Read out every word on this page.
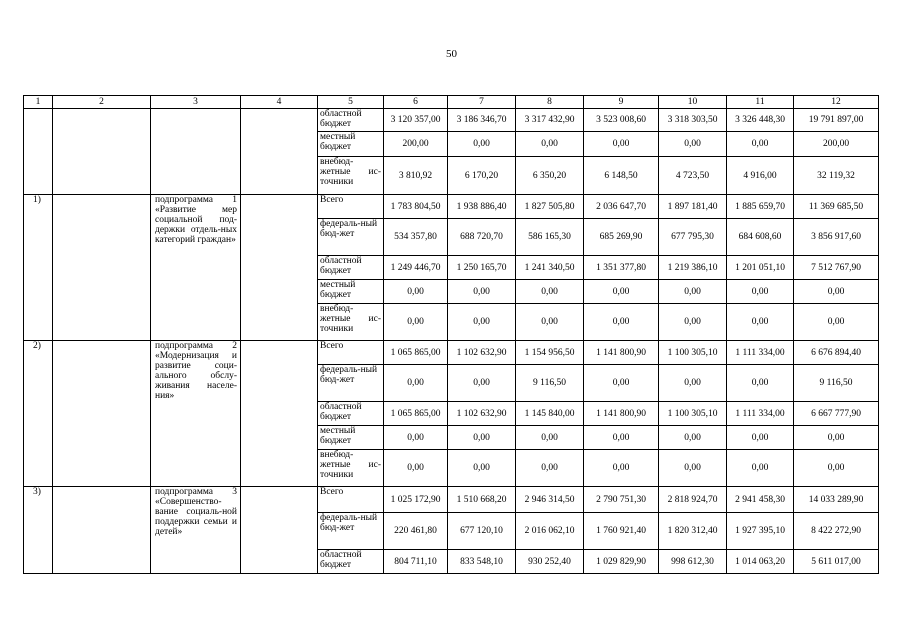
50
1	2	3	4	5	6	7	8	9	10	11	12

				областной бюджет	3 120 357,00	3 186 346,70	3 317 432,90	3 523 008,60	3 318 303,50	3 326 448,30	19 791 897,00

				местный бюджет	200,00	0,00	0,00	0,00	0,00	0,00	200,00

				внебюд-жетные ис-точники	3 810,92	6 170,20	6 350,20	6 148,50	4 723,50	4 916,00	32 119,32
1)		подпрограмма 1 «Развитие мер социальной под-держки отдель-ных категорий граждан»		Всего	1 783 804,50	1 938 886,40	1 827 505,80	2 036 647,70	1 897 181,40	1 885 659,70	11 369 685,50

				федераль-ный бюд-жет	534 357,80	688 720,70	586 165,30	685 269,90	677 795,30	684 608,60	3 856 917,60

				областной бюджет	1 249 446,70	1 250 165,70	1 241 340,50	1 351 377,80	1 219 386,10	1 201 051,10	7 512 767,90

				местный бюджет	0,00	0,00	0,00	0,00	0,00	0,00	0,00

				внебюд-жетные ис-точники	0,00	0,00	0,00	0,00	0,00	0,00	0,00
2)		подпрограмма 2 «Модернизация и развитие соци-ального обслу-живания населе-ния»		Всего	1 065 865,00	1 102 632,90	1 154 956,50	1 141 800,90	1 100 305,10	1 111 334,00	6 676 894,40

				федераль-ный бюд-жет	0,00	0,00	9 116,50	0,00	0,00	0,00	9 116,50

				областной бюджет	1 065 865,00	1 102 632,90	1 145 840,00	1 141 800,90	1 100 305,10	1 111 334,00	6 667 777,90

				местный бюджет	0,00	0,00	0,00	0,00	0,00	0,00	0,00

				внебюд-жетные ис-точники	0,00	0,00	0,00	0,00	0,00	0,00	0,00
3)		подпрограмма 3 «Совершенство-вание социаль-ной поддержки семьи и детей»		Всего	1 025 172,90	1 510 668,20	2 946 314,50	2 790 751,30	2 818 924,70	2 941 458,30	14 033 289,90

				федераль-ный бюд-жет	220 461,80	677 120,10	2 016 062,10	1 760 921,40	1 820 312,40	1 927 395,10	8 422 272,90

				областной бюджет	804 711,10	833 548,10	930 252,40	1 029 829,90	998 612,30	1 014 063,20	5 611 017,00
